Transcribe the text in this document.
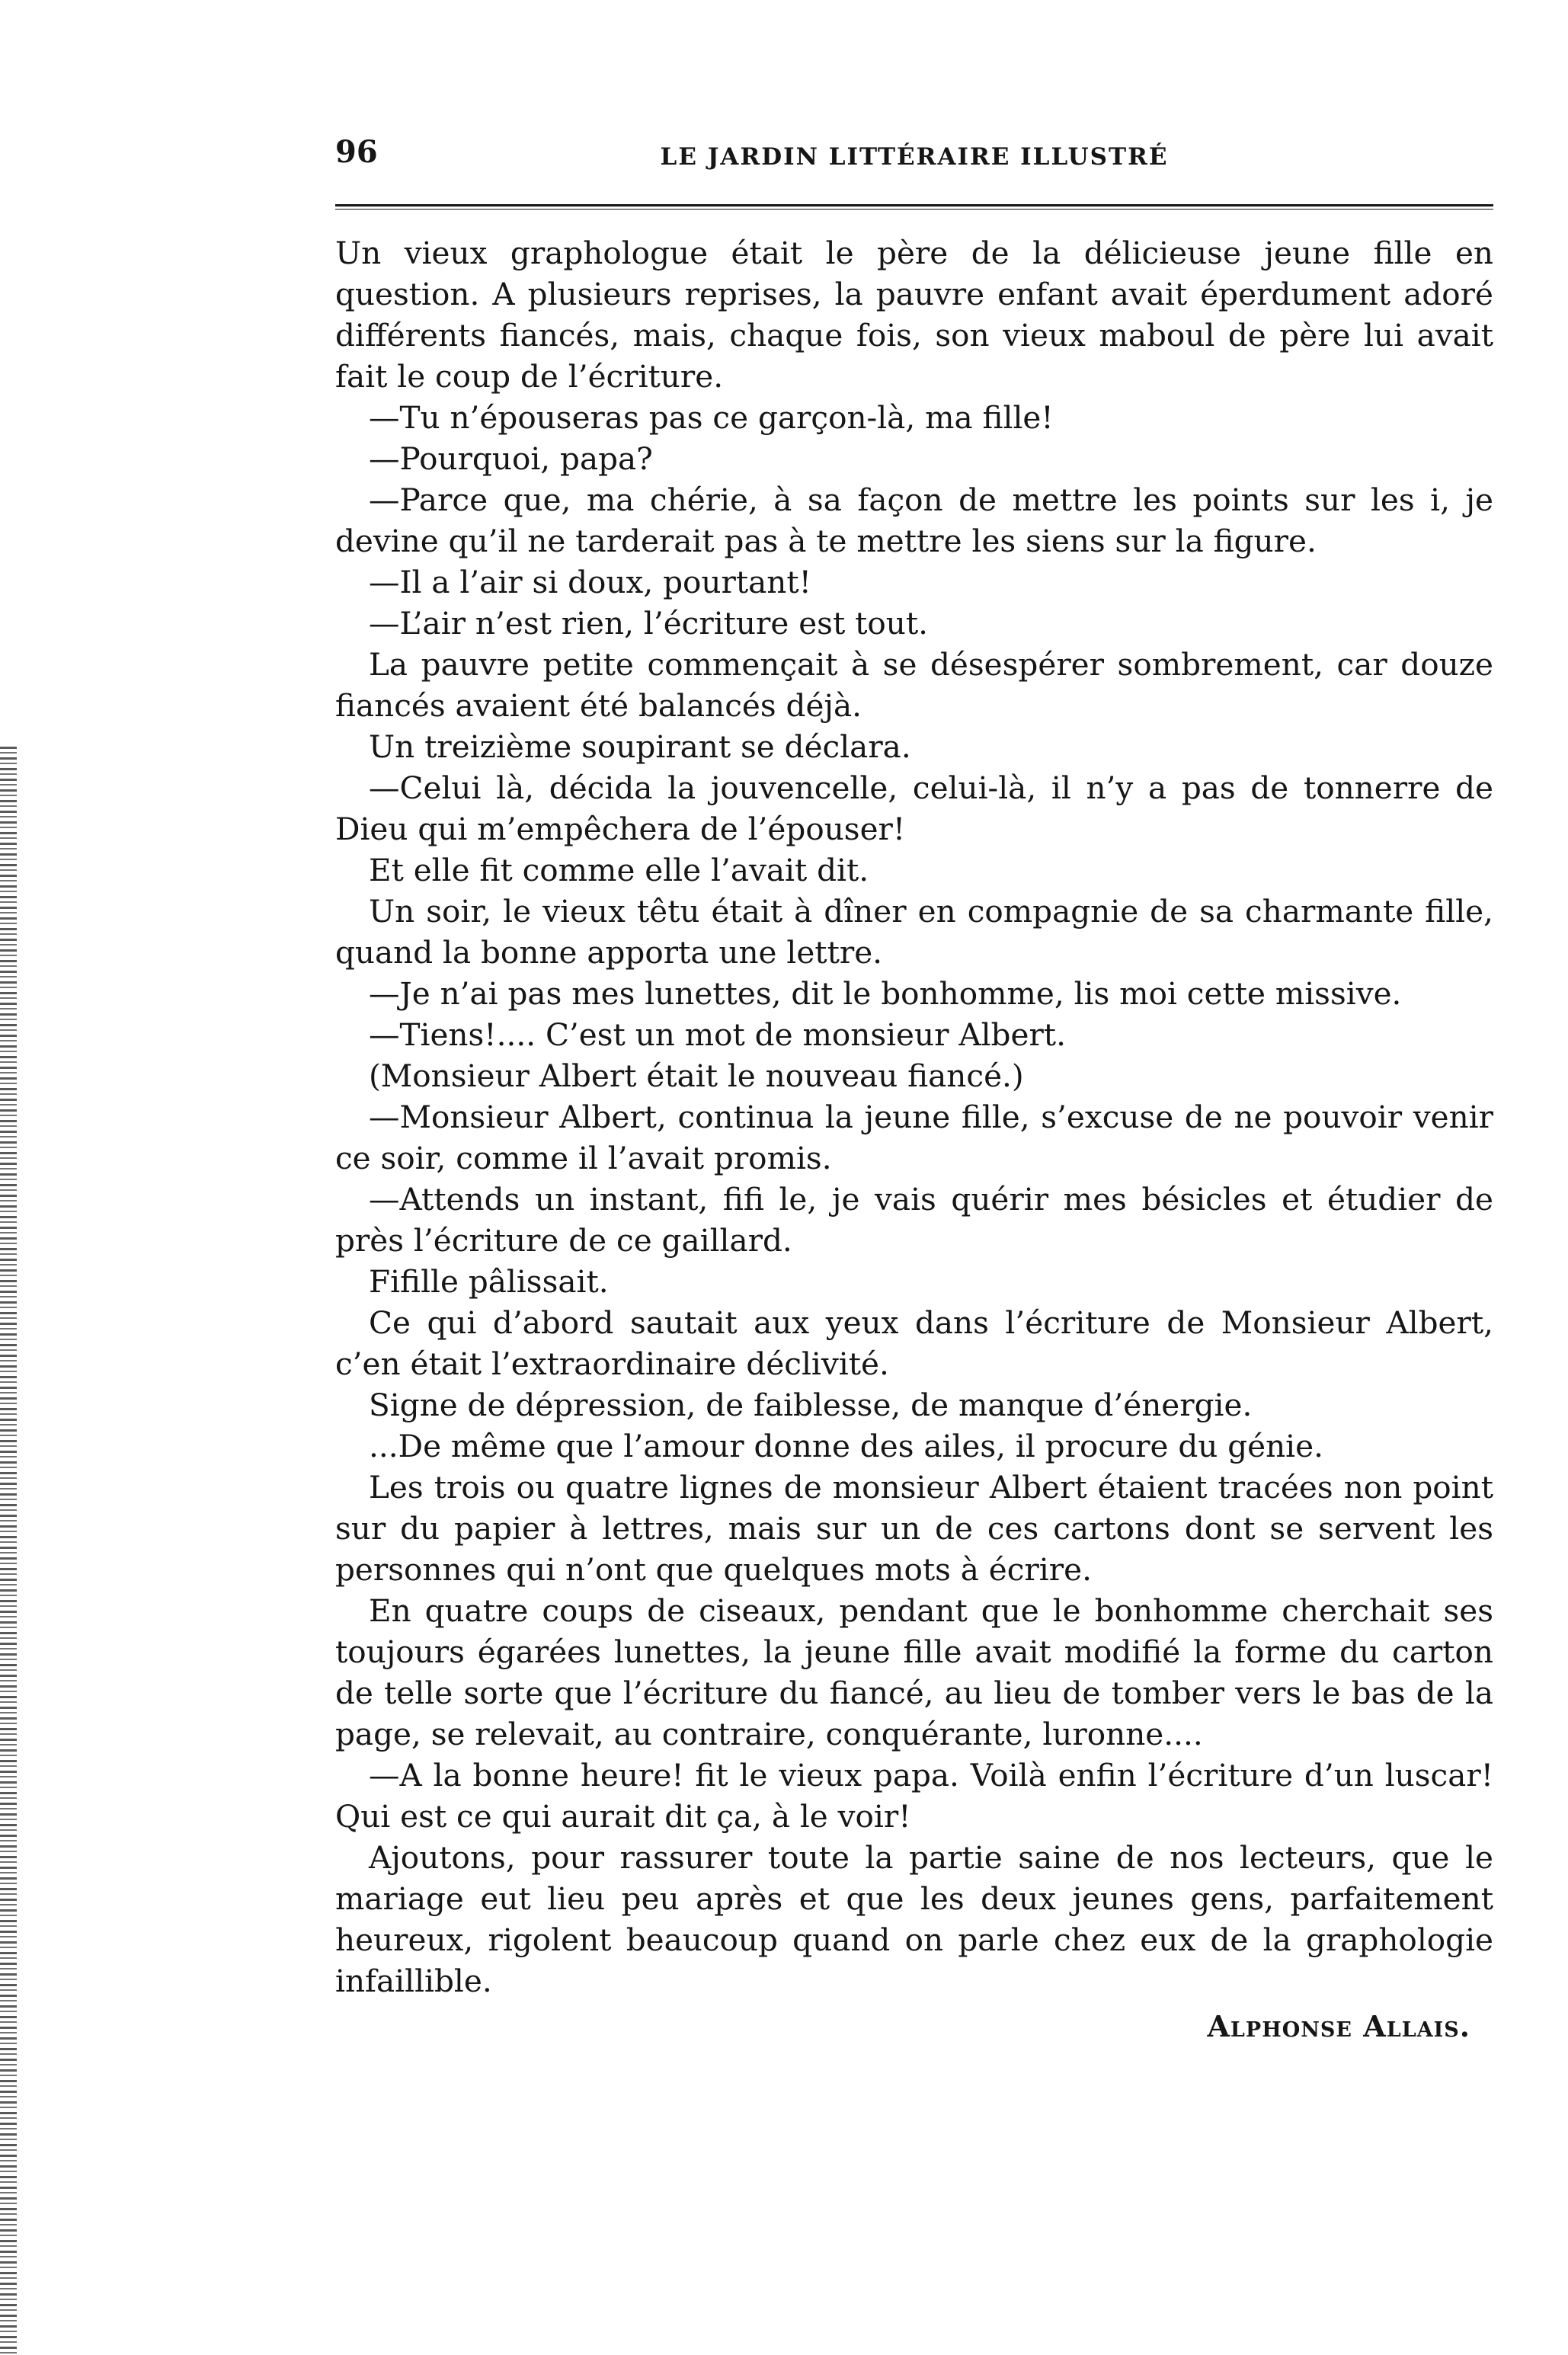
96	LE JARDIN LITTÉRAIRE ILLUSTRÉ

Un vieux graphologue était le père de la délicieuse jeune fille en question. A plusieurs reprises, la pauvre enfant avait éperdument adoré différents fiancés, mais, chaque fois, son vieux maboul de père lui avait fait le coup de l’écriture.

—Tu n’épouseras pas ce garçon-là, ma fille!

—Pourquoi, papa?

—Parce que, ma chérie, à sa façon de mettre les points sur les i, je devine qu’il ne tarderait pas à te mettre les siens sur la figure.

—Il a l’air si doux, pourtant!

—L’air n’est rien, l’écriture est tout.

La pauvre petite commençait à se désespérer sombrement, car douze fiancés avaient été balancés déjà.

Un treizième soupirant se déclara.

—Celui là, décida la jouvencelle, celui-là, il n’y a pas de tonnerre de Dieu qui m’empêchera de l’épouser!

Et elle fit comme elle l’avait dit.

Un soir, le vieux têtu était à dîner en compagnie de sa charmante fille, quand la bonne apporta une lettre.

—Je n’ai pas mes lunettes, dit le bonhomme, lis moi cette missive.

—Tiens!.... C’est un mot de monsieur Albert.

(Monsieur Albert était le nouveau fiancé.)

—Monsieur Albert, continua la jeune fille, s’excuse de ne pouvoir venir ce soir, comme il l’avait promis.

—Attends un instant, fifi le, je vais quérir mes bésicles et étudier de près l’écriture de ce gaillard.

Fifille pâlissait.

Ce qui d’abord sautait aux yeux dans l’écriture de Monsieur Albert, c’en était l’extraordinaire déclivité.

Signe de dépression, de faiblesse, de manque d’énergie.

...De même que l’amour donne des ailes, il procure du génie.

Les trois ou quatre lignes de monsieur Albert étaient tracées non point sur du papier à lettres, mais sur un de ces cartons dont se servent les personnes qui n’ont que quelques mots à écrire.

En quatre coups de ciseaux, pendant que le bonhomme cherchait ses toujours égarées lunettes, la jeune fille avait modifié la forme du carton de telle sorte que l’écriture du fiancé, au lieu de tomber vers le bas de la page, se relevait, au contraire, conquérante, luronne....

—A la bonne heure! fit le vieux papa. Voilà enfin l’écriture d’un luscar! Qui est ce qui aurait dit ça, à le voir!

Ajoutons, pour rassurer toute la partie saine de nos lecteurs, que le mariage eut lieu peu après et que les deux jeunes gens, parfaitement heureux, rigolent beaucoup quand on parle chez eux de la graphologie infaillible.

Alphonse Allais.
